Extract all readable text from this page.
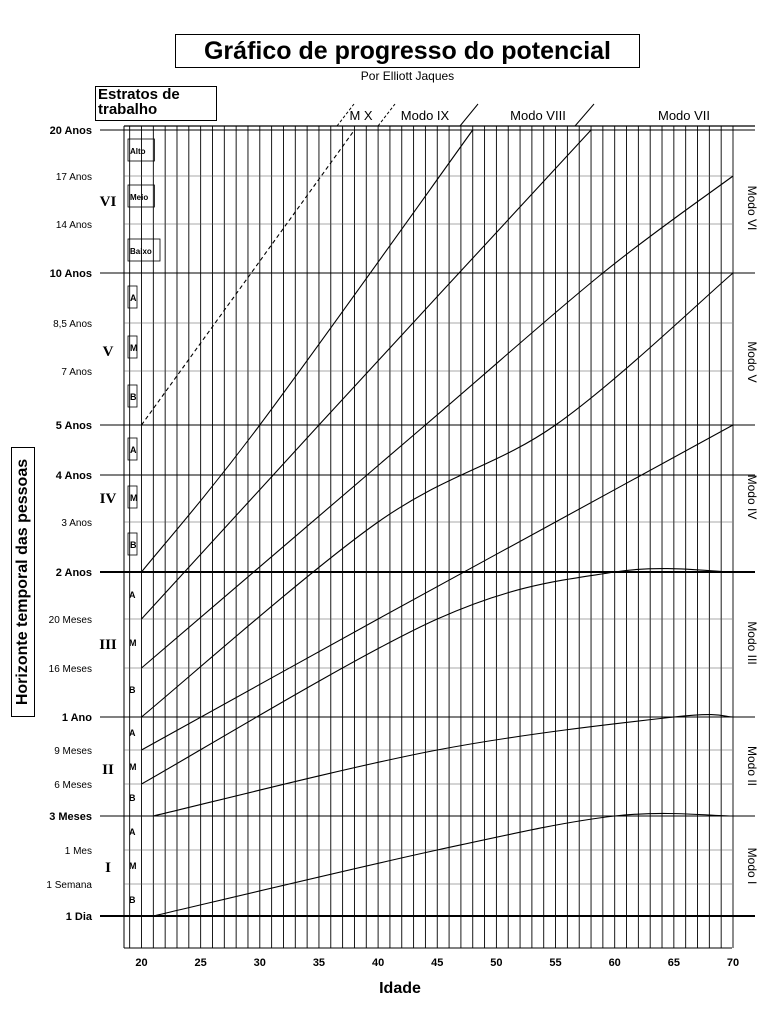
20 Anos
17 Anos
14 Anos
10 Anos
8,5 Anos
7 Anos
5 Anos
4 Anos
3 Anos
2 Anos
20 Meses
16 Meses
1 Ano
9 Meses
6 Meses
3 Meses
1 Mes
1 Semana
1 Dia
20	25	30	35	40	45	50	55	60	65	70
VI
Alto
Meio
Baixo
V
A
M
B
IV
A
M
B
III
A
M
B
II
A
M
B
I
A
M
B
M X Modo IX	Modo VIII	Modo VII
Modo VI
Modo V
Modo IV
Modo III
Modo II
Modo I
Gráfico de progresso do potencial
Por Elliott Jaques
Estratos de trabalho
Horizonte temporal das pessoas
Idade
